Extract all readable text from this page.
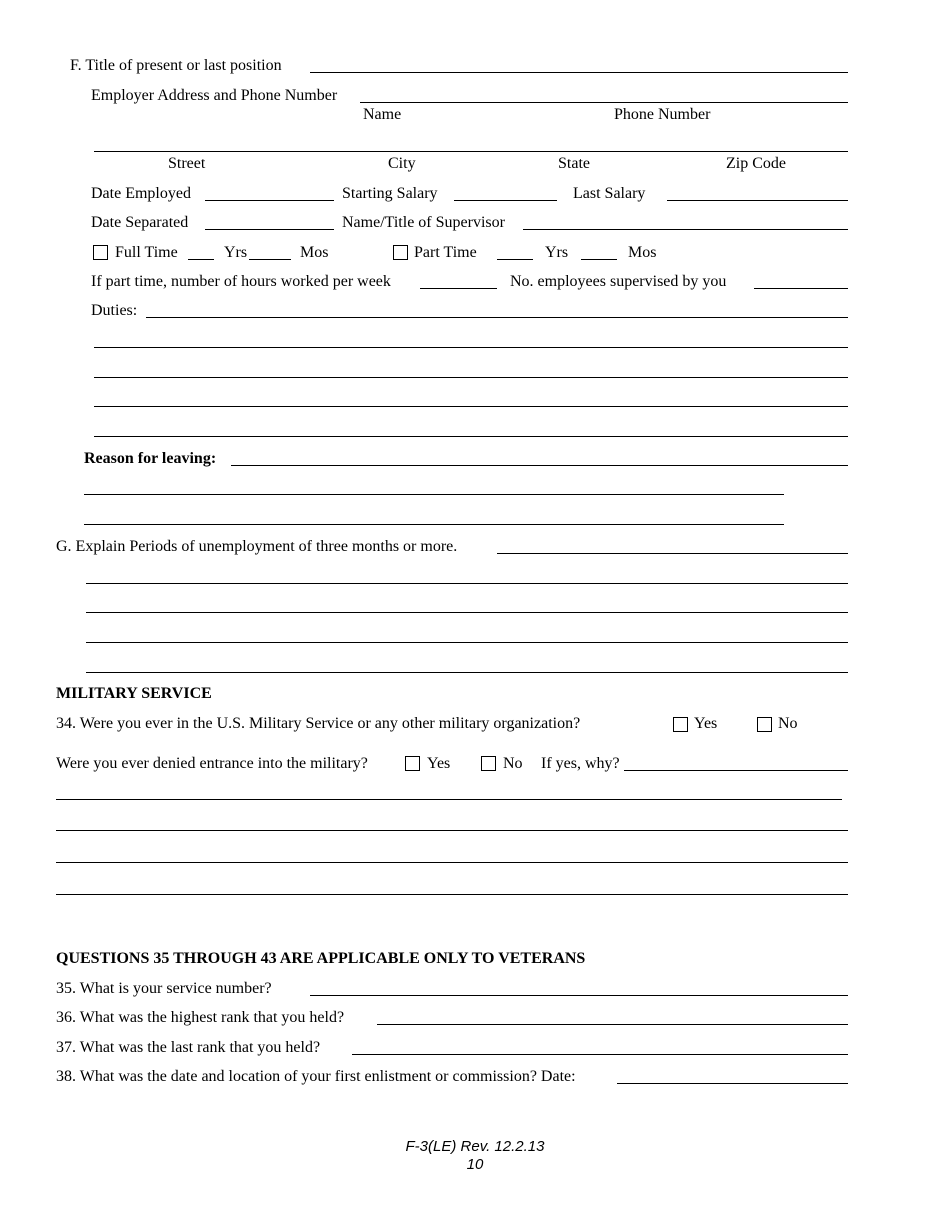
F. Title of present or last position
Employer Address and Phone Number
Name	Phone Number
Street	City	State	Zip Code
Date Employed	Starting Salary	Last Salary
Date Separated	Name/Title of Supervisor
Full Time	Yrs	Mos	Part Time	Yrs	Mos
If part time, number of hours worked per week	No. employees supervised by you
Duties:
Reason for leaving:
G. Explain Periods of unemployment of three months or more.
MILITARY SERVICE
34. Were you ever in the U.S. Military Service or any other military organization?	Yes	No
Were you ever denied entrance into the military?	Yes	No If yes, why?
QUESTIONS 35 THROUGH 43 ARE APPLICABLE ONLY TO VETERANS
35. What is your service number?
36. What was the highest rank that you held?
37. What was the last rank that you held?
38. What was the date and location of your first enlistment or commission? Date:
F-3(LE) Rev. 12.2.13
10
